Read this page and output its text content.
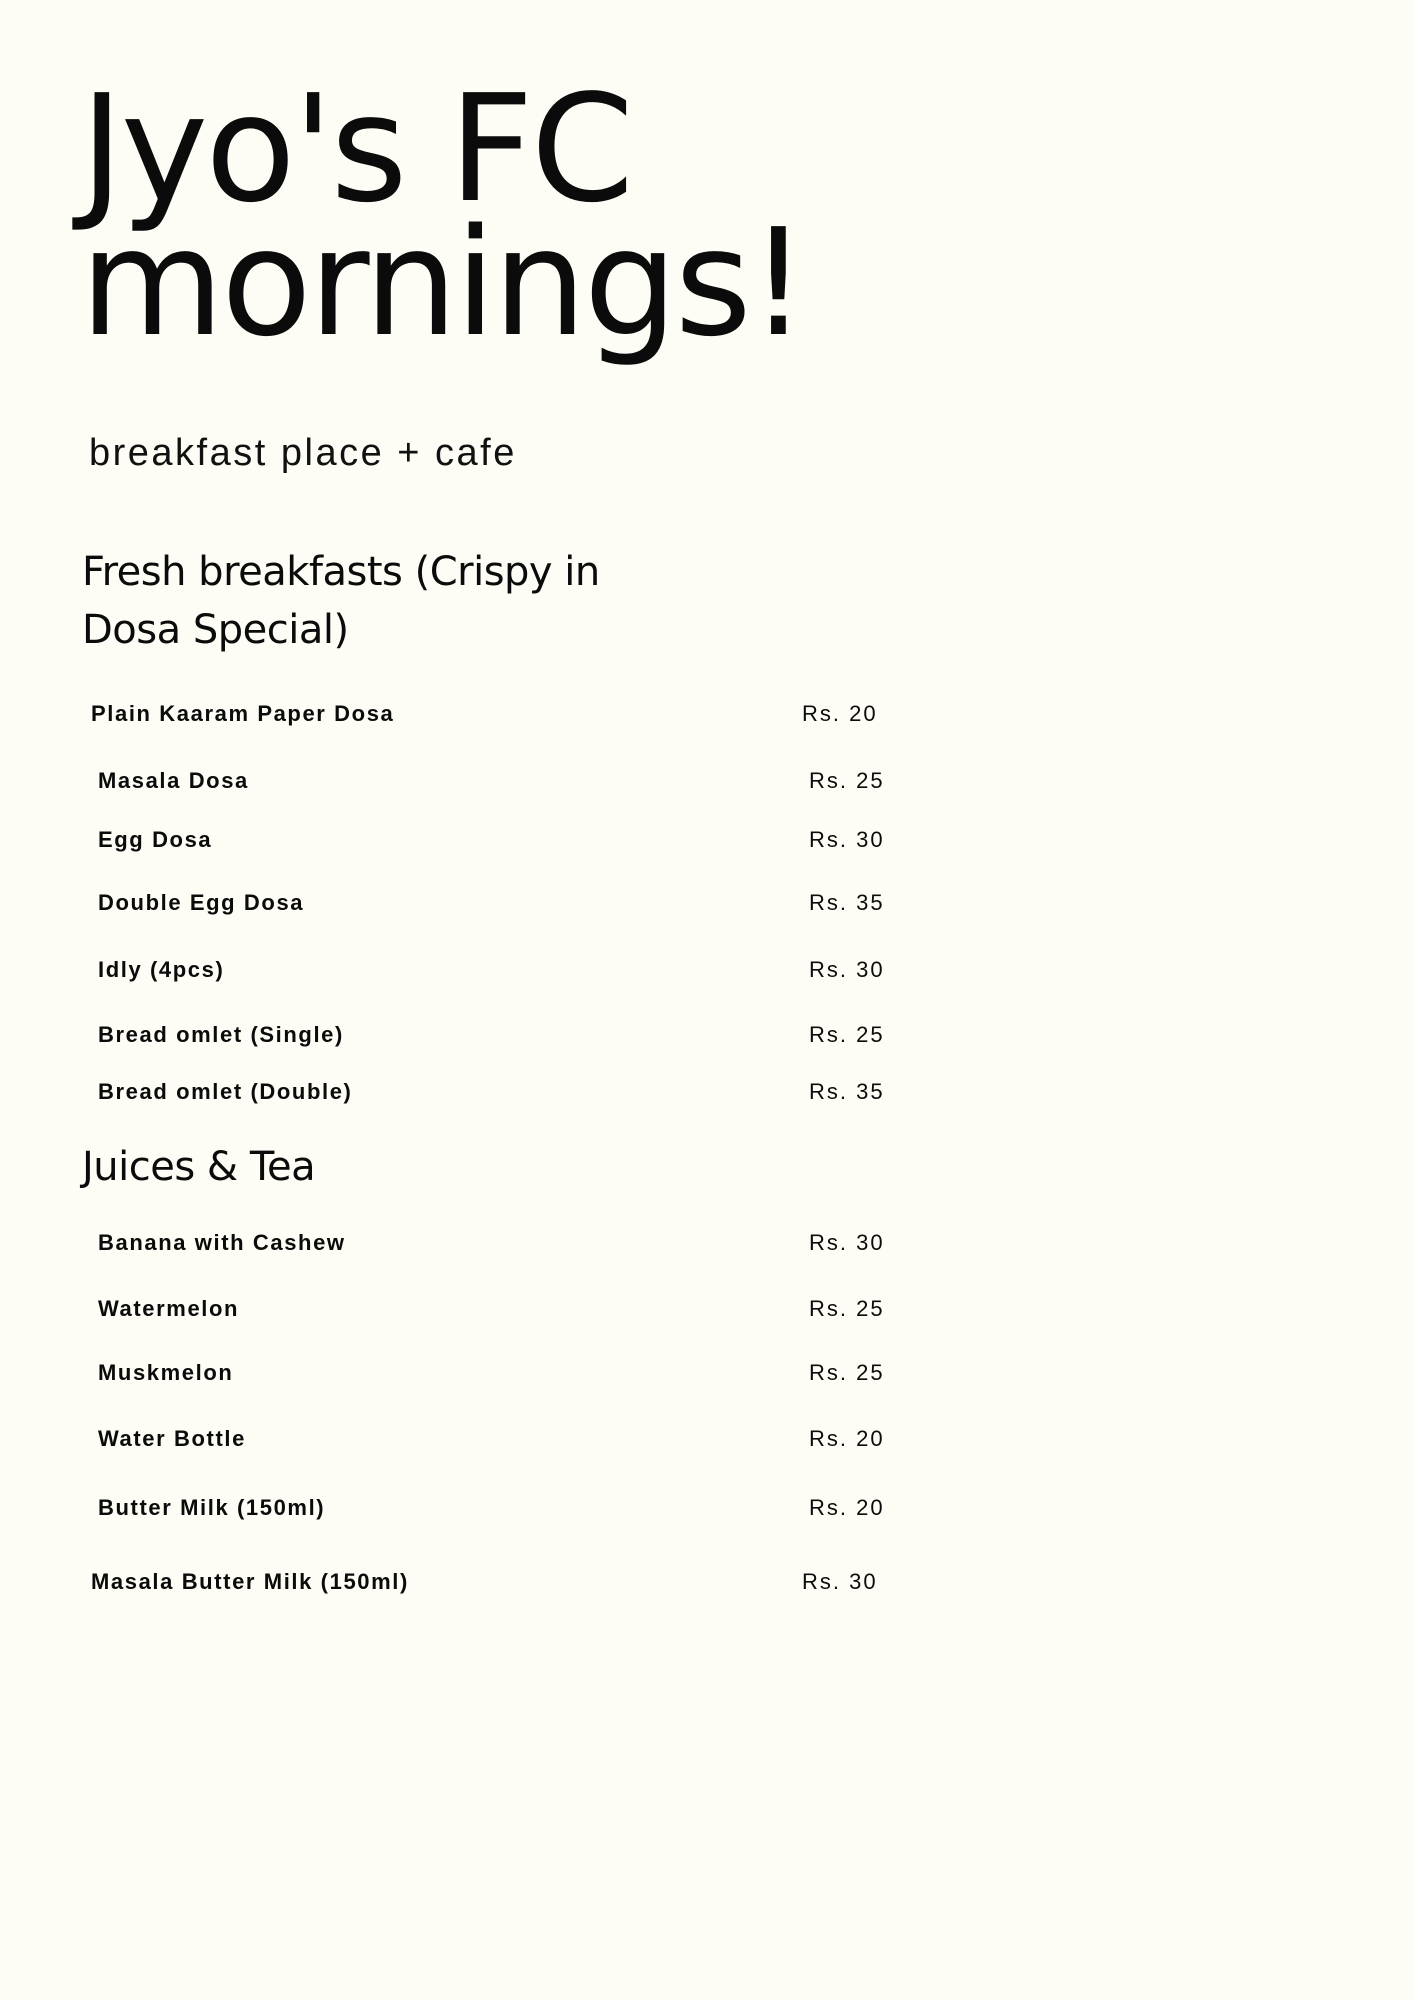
Jyo's FC
mornings!
breakfast place + cafe
Fresh breakfasts (Crispy in
Dosa Special)
Plain Kaaram Paper Dosa	Rs. 20
Masala Dosa	Rs. 25
Egg Dosa	Rs. 30
Double Egg Dosa	Rs. 35
Idly (4pcs)	Rs. 30
Bread omlet (Single)	Rs. 25
Bread omlet (Double)	Rs. 35
Juices & Tea
Banana with Cashew	Rs. 30
Watermelon	Rs. 25
Muskmelon	Rs. 25
Water Bottle	Rs. 20
Butter Milk (150ml)	Rs. 20
Masala Butter Milk (150ml)	Rs. 30
